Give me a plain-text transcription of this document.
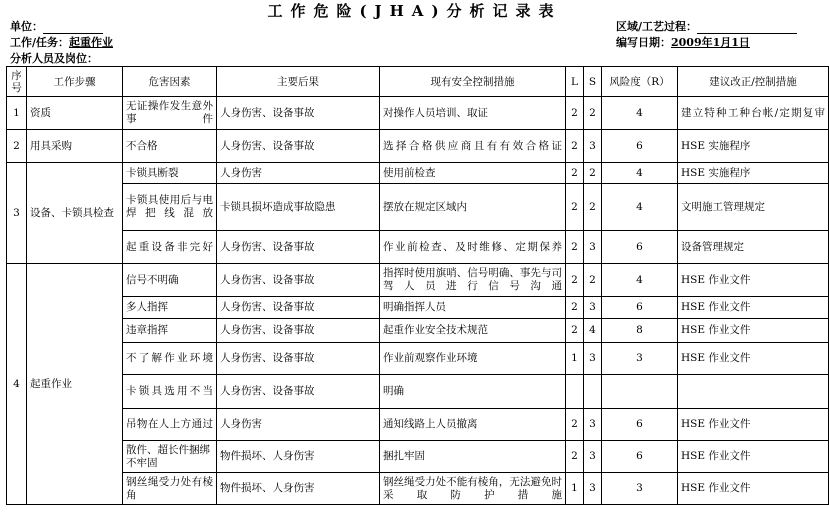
工作危险(JHA)分析记录表
单位：
工作/任务：起重作业
分析人员及岗位：
区域/工艺过程：
编写日期：2009年1月1日
序号	工作步骤	危害因素	主要后果	现有安全控制措施	L	S	风险度（R）	建议改正/控制措施
1	资质	无证操作发生意外事件	人身伤害、设备事故	对操作人员培训、取证	2	2	4	建立特种工种台帐/定期复审
2	用具采购	不合格	人身伤害、设备事故	选择合格供应商且有有效合格证	2	3	6	HSE 实施程序
3	设备、卡锁具检查	卡锁具断裂	人身伤害	使用前检查	2	2	4	HSE 实施程序
		卡锁具使用后与电焊把线混放	卡锁具损坏造成事故隐患	摆放在规定区域内	2	2	4	文明施工管理规定
		起重设备非完好	人身伤害、设备事故	作业前检查、及时维修、定期保养	2	3	6	设备管理规定
4	起重作业	信号不明确	人身伤害、设备事故	指挥时使用旗哨、信号明确、事先与司驾人员进行信号沟通	2	2	4	HSE 作业文件
		多人指挥	人身伤害、设备事故	明确指挥人员	2	3	6	HSE 作业文件
		违章指挥	人身伤害、设备事故	起重作业安全技术规范	2	4	8	HSE 作业文件
		不了解作业环境	人身伤害、设备事故	作业前观察作业环境	1	3	3	HSE 作业文件
		卡锁具选用不当	人身伤害、设备事故	明确				
		吊物在人上方通过	人身伤害	通知线路上人员撤离	2	3	6	HSE 作业文件
		散件、超长件捆绑不牢固	物件损坏、人身伤害	捆扎牢固	2	3	6	HSE 作业文件
		钢丝绳受力处有棱角	物件损坏、人身伤害	钢丝绳受力处不能有棱角，无法避免时采取防护措施	1	3	3	HSE 作业文件
